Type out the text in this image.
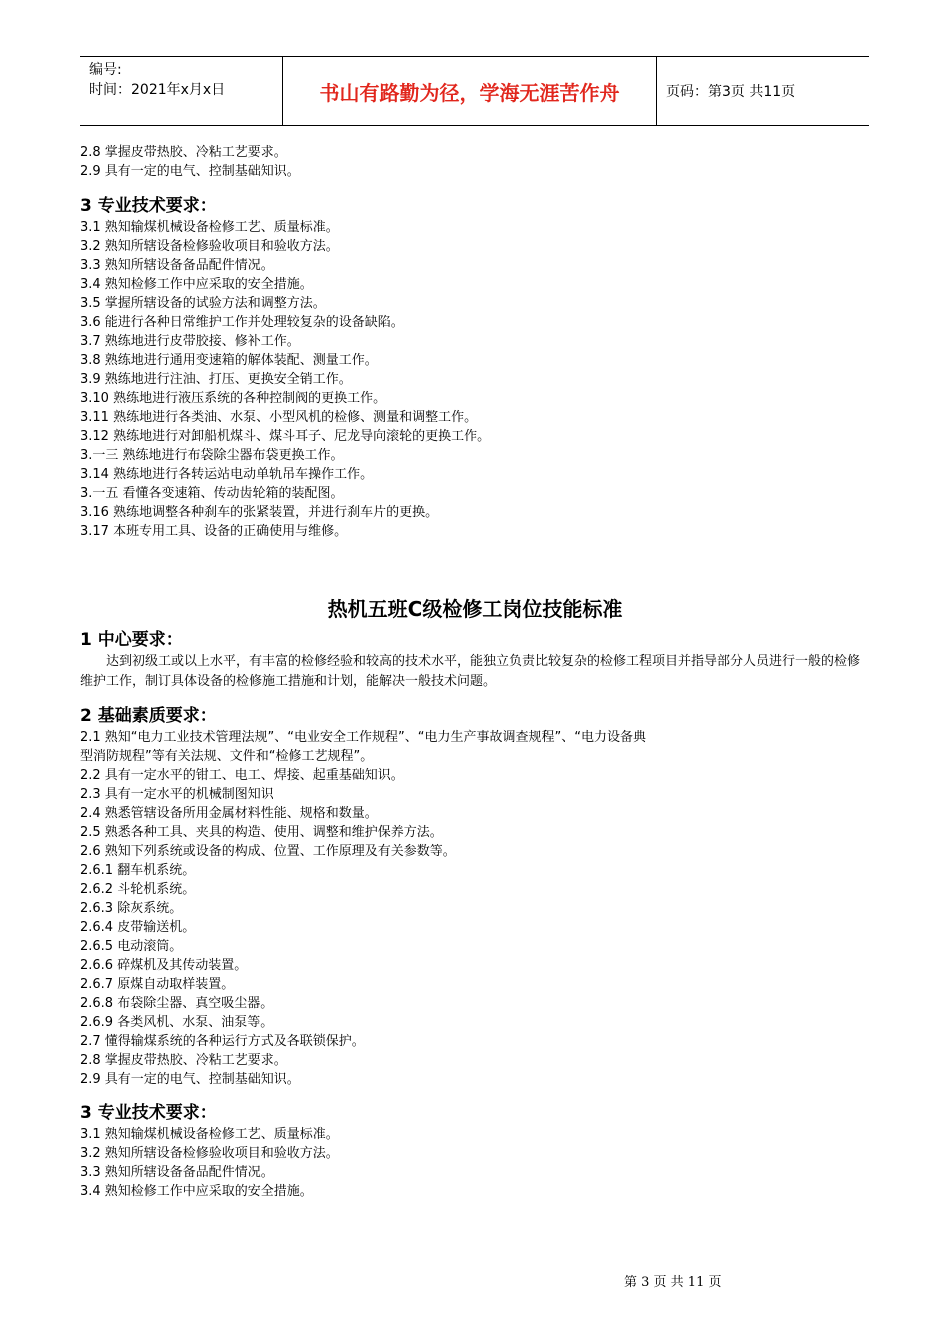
编号:
时间：2021年x月x日	书山有路勤为径，学海无涯苦作舟	页码：第3页 共11页
2.8 掌握皮带热胶、冷粘工艺要求。
2.9 具有一定的电气、控制基础知识。
3 专业技术要求：
3.1 熟知输煤机械设备检修工艺、质量标准。
3.2 熟知所辖设备检修验收项目和验收方法。
3.3 熟知所辖设备备品配件情况。
3.4 熟知检修工作中应采取的安全措施。
3.5 掌握所辖设备的试验方法和调整方法。
3.6 能进行各种日常维护工作并处理较复杂的设备缺陷。
3.7 熟练地进行皮带胶接、修补工作。
3.8 熟练地进行通用变速箱的解体装配、测量工作。
3.9 熟练地进行注油、打压、更换安全销工作。
3.10 熟练地进行液压系统的各种控制阀的更换工作。
3.11 熟练地进行各类油、水泵、小型风机的检修、测量和调整工作。
3.12 熟练地进行对卸船机煤斗、煤斗耳子、尼龙导向滚轮的更换工作。
3.一三 熟练地进行布袋除尘器布袋更换工作。
3.14 熟练地进行各转运站电动单轨吊车操作工作。
3.一五 看懂各变速箱、传动齿轮箱的装配图。
3.16 熟练地调整各种刹车的张紧装置，并进行刹车片的更换。
3.17 本班专用工具、设备的正确使用与维修。
热机五班C级检修工岗位技能标准
1 中心要求：
达到初级工或以上水平，有丰富的检修经验和较高的技术水平，能独立负责比较复杂的检修工程项目并指导部分人员进行一般的检修维护工作，制订具体设备的检修施工措施和计划，能解决一般技术问题。
2 基础素质要求：
2.1 熟知“电力工业技术管理法规”、“电业安全工作规程”、“电力生产事故调查规程”、“电力设备典
型消防规程”等有关法规、文件和“检修工艺规程”。
2.2 具有一定水平的钳工、电工、焊接、起重基础知识。
2.3 具有一定水平的机械制图知识
2.4 熟悉管辖设备所用金属材料性能、规格和数量。
2.5 熟悉各种工具、夹具的构造、使用、调整和维护保养方法。
2.6 熟知下列系统或设备的构成、位置、工作原理及有关参数等。
2.6.1 翻车机系统。
2.6.2 斗轮机系统。
2.6.3 除灰系统。
2.6.4 皮带输送机。
2.6.5 电动滚筒。
2.6.6 碎煤机及其传动装置。
2.6.7 原煤自动取样装置。
2.6.8 布袋除尘器、真空吸尘器。
2.6.9 各类风机、水泵、油泵等。
2.7 懂得输煤系统的各种运行方式及各联锁保护。
2.8 掌握皮带热胶、冷粘工艺要求。
2.9 具有一定的电气、控制基础知识。
3 专业技术要求：
3.1 熟知输煤机械设备检修工艺、质量标准。
3.2 熟知所辖设备检修验收项目和验收方法。
3.3 熟知所辖设备备品配件情况。
3.4 熟知检修工作中应采取的安全措施。
第 3 页 共 11 页
